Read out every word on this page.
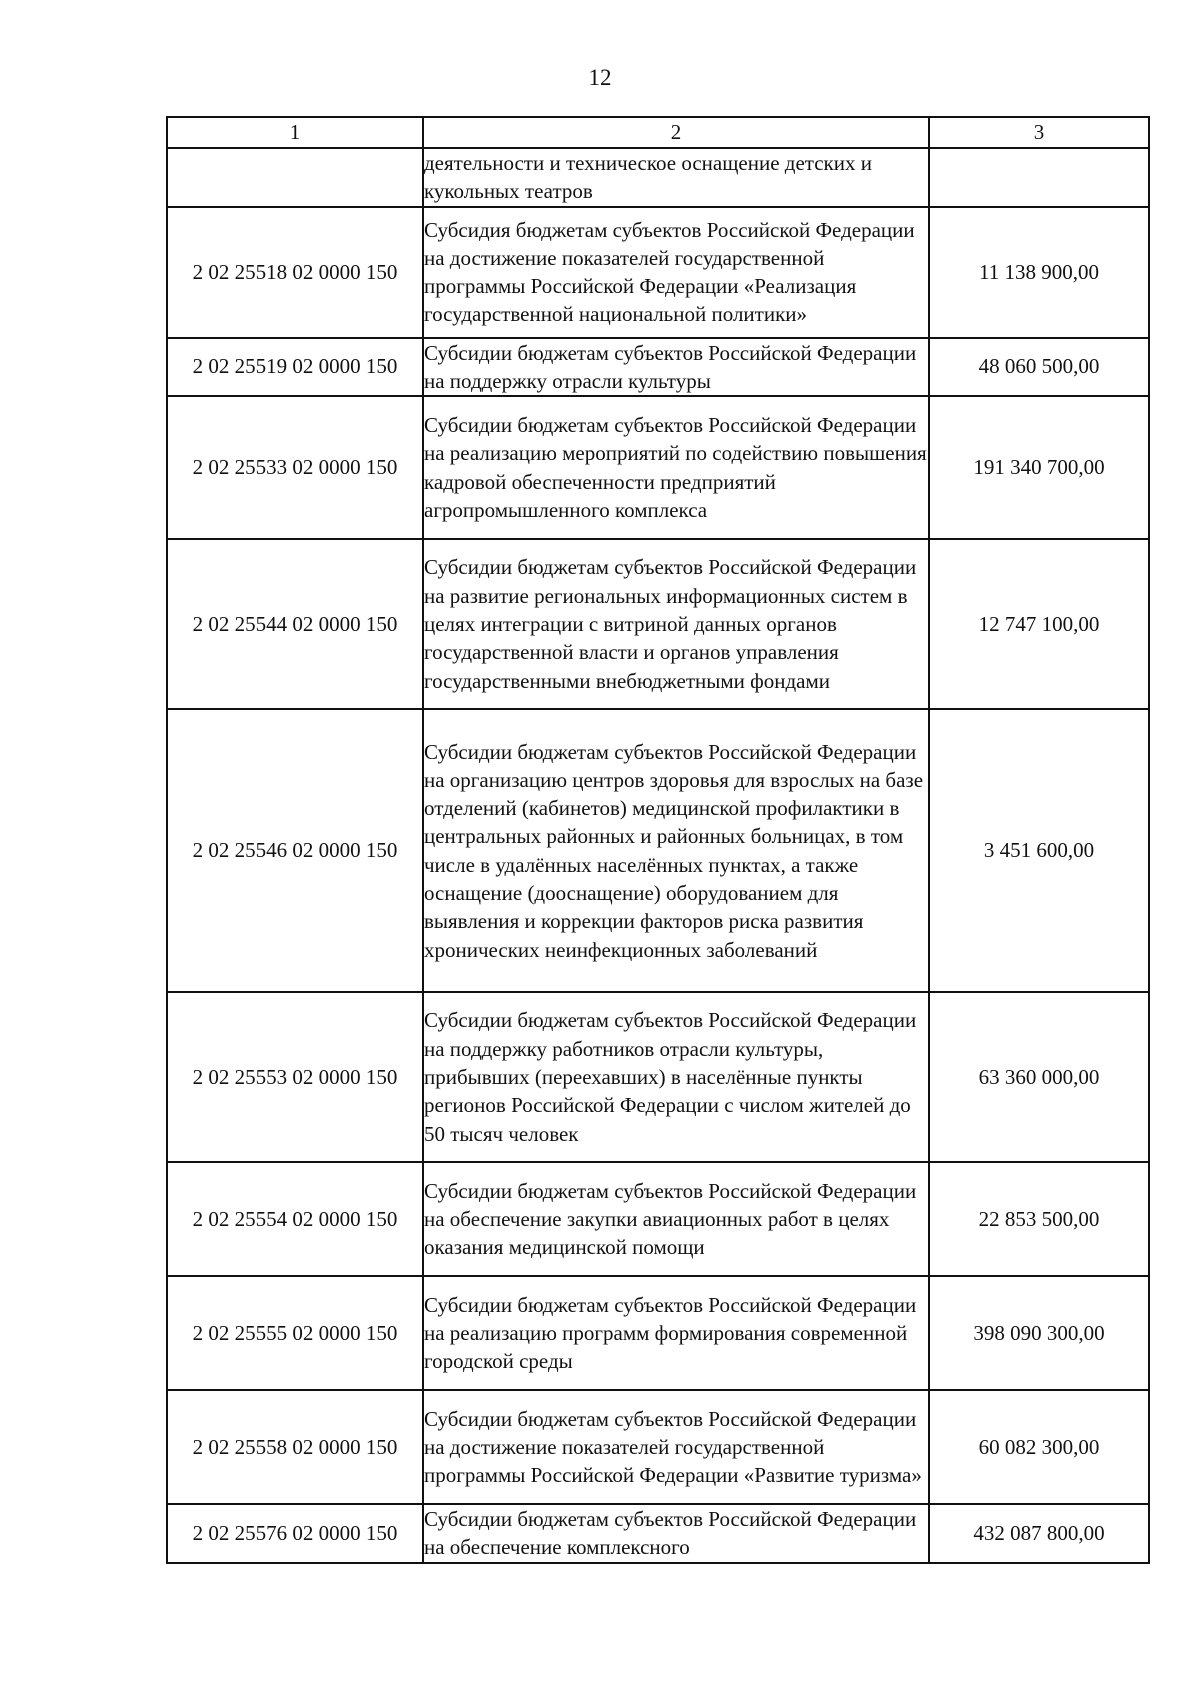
12
1	2	3
	деятельности и техническое оснащение детских и кукольных театров	
2 02 25518 02 0000 150	Субсидия бюджетам субъектов Российской Федерации на достижение показателей государственной программы Российской Федерации «Реализация государственной национальной политики»	11 138 900,00
2 02 25519 02 0000 150	Субсидии бюджетам субъектов Российской Федерации на поддержку отрасли культуры	48 060 500,00
2 02 25533 02 0000 150	Субсидии бюджетам субъектов Российской Федерации на реализацию мероприятий по содействию повышения кадровой обеспеченности предприятий агропромышленного комплекса	191 340 700,00
2 02 25544 02 0000 150	Субсидии бюджетам субъектов Российской Федерации на развитие региональных информационных систем в целях интеграции с витриной данных органов государственной власти и органов управления государственными внебюджетными фондами	12 747 100,00
2 02 25546 02 0000 150	Субсидии бюджетам субъектов Российской Федерации на организацию центров здоровья для взрослых на базе отделений (кабинетов) медицинской профилактики в центральных районных и районных больницах, в том числе в удалённых населённых пунктах, а также оснащение (дооснащение) оборудованием для выявления и коррекции факторов риска развития хронических неинфекционных заболеваний	3 451 600,00
2 02 25553 02 0000 150	Субсидии бюджетам субъектов Российской Федерации на поддержку работников отрасли культуры, прибывших (переехавших) в населённые пункты регионов Российской Федерации с числом жителей до 50 тысяч человек	63 360 000,00
2 02 25554 02 0000 150	Субсидии бюджетам субъектов Российской Федерации на обеспечение закупки авиационных работ в целях оказания медицинской помощи	22 853 500,00
2 02 25555 02 0000 150	Субсидии бюджетам субъектов Российской Федерации на реализацию программ формирования современной городской среды	398 090 300,00
2 02 25558 02 0000 150	Субсидии бюджетам субъектов Российской Федерации на достижение показателей государственной программы Российской Федерации «Развитие туризма»	60 082 300,00
2 02 25576 02 0000 150	Субсидии бюджетам субъектов Российской Федерации на обеспечение комплексного	432 087 800,00
